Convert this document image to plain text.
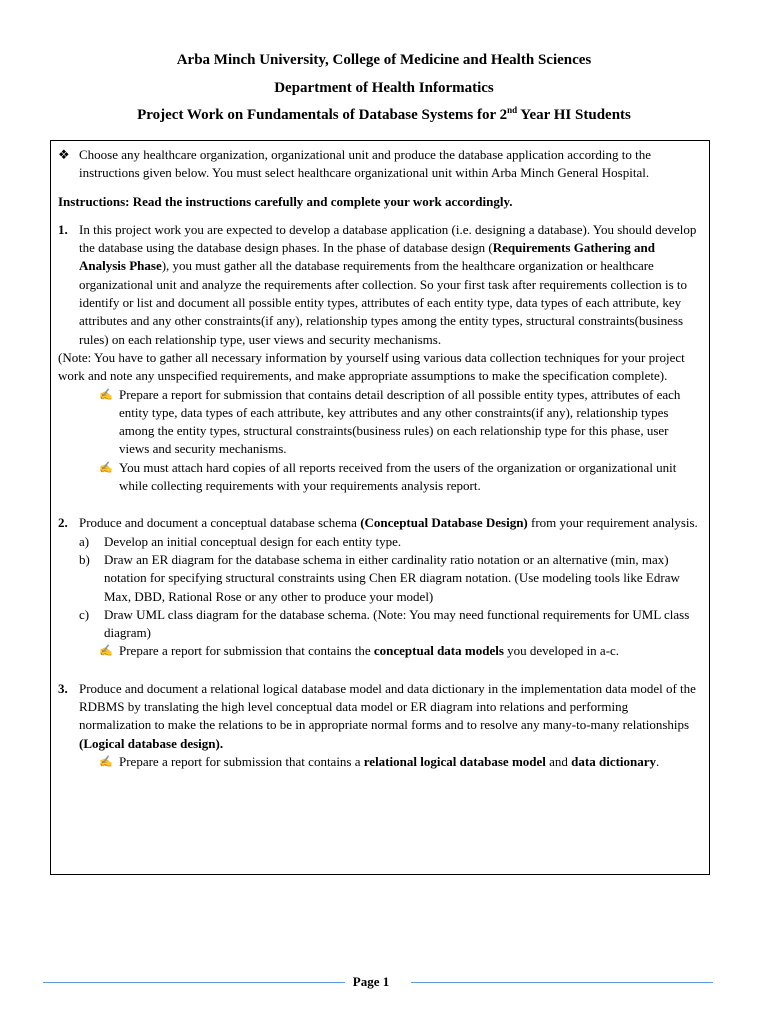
Arba Minch University, College of Medicine and Health Sciences
Department of Health Informatics
Project Work on Fundamentals of Database Systems for 2nd Year HI Students
❖ Choose any healthcare organization, organizational unit and produce the database application according to the instructions given below. You must select healthcare organizational unit within Arba Minch General Hospital.
Instructions: Read the instructions carefully and complete your work accordingly.
1. In this project work you are expected to develop a database application (i.e. designing a database). You should develop the database using the database design phases. In the phase of database design (Requirements Gathering and Analysis Phase), you must gather all the database requirements from the healthcare organization or healthcare organizational unit and analyze the requirements after collection. So your first task after requirements collection is to identify or list and document all possible entity types, attributes of each entity type, data types of each attribute, key attributes and any other constraints(if any), relationship types among the entity types, structural constraints(business rules) on each relationship type, user views and security mechanisms.
(Note: You have to gather all necessary information by yourself using various data collection techniques for your project work and note any unspecified requirements, and make appropriate assumptions to make the specification complete).
✍ Prepare a report for submission that contains detail description of all possible entity types, attributes of each entity type, data types of each attribute, key attributes and any other constraints(if any), relationship types among the entity types, structural constraints(business rules) on each relationship type for this phase, user views and security mechanisms.
✍ You must attach hard copies of all reports received from the users of the organization or organizational unit while collecting requirements with your requirements analysis report.
2. Produce and document a conceptual database schema (Conceptual Database Design) from your requirement analysis.
a)	Develop an initial conceptual design for each entity type.
b)	Draw an ER diagram for the database schema in either cardinality ratio notation or an alternative (min, max) notation for specifying structural constraints using Chen ER diagram notation. (Use modeling tools like Edraw Max, DBD, Rational Rose or any other to produce your model)
c)	Draw UML class diagram for the database schema. (Note: You may need functional requirements for UML class diagram)
✍ Prepare a report for submission that contains the conceptual data models you developed in a-c.
3. Produce and document a relational logical database model and data dictionary in the implementation data model of the RDBMS by translating the high level conceptual data model or ER diagram into relations and performing normalization to make the relations to be in appropriate normal forms and to resolve any many-to-many relationships (Logical database design).
✍ Prepare a report for submission that contains a relational logical database model and data dictionary.
Page 1
